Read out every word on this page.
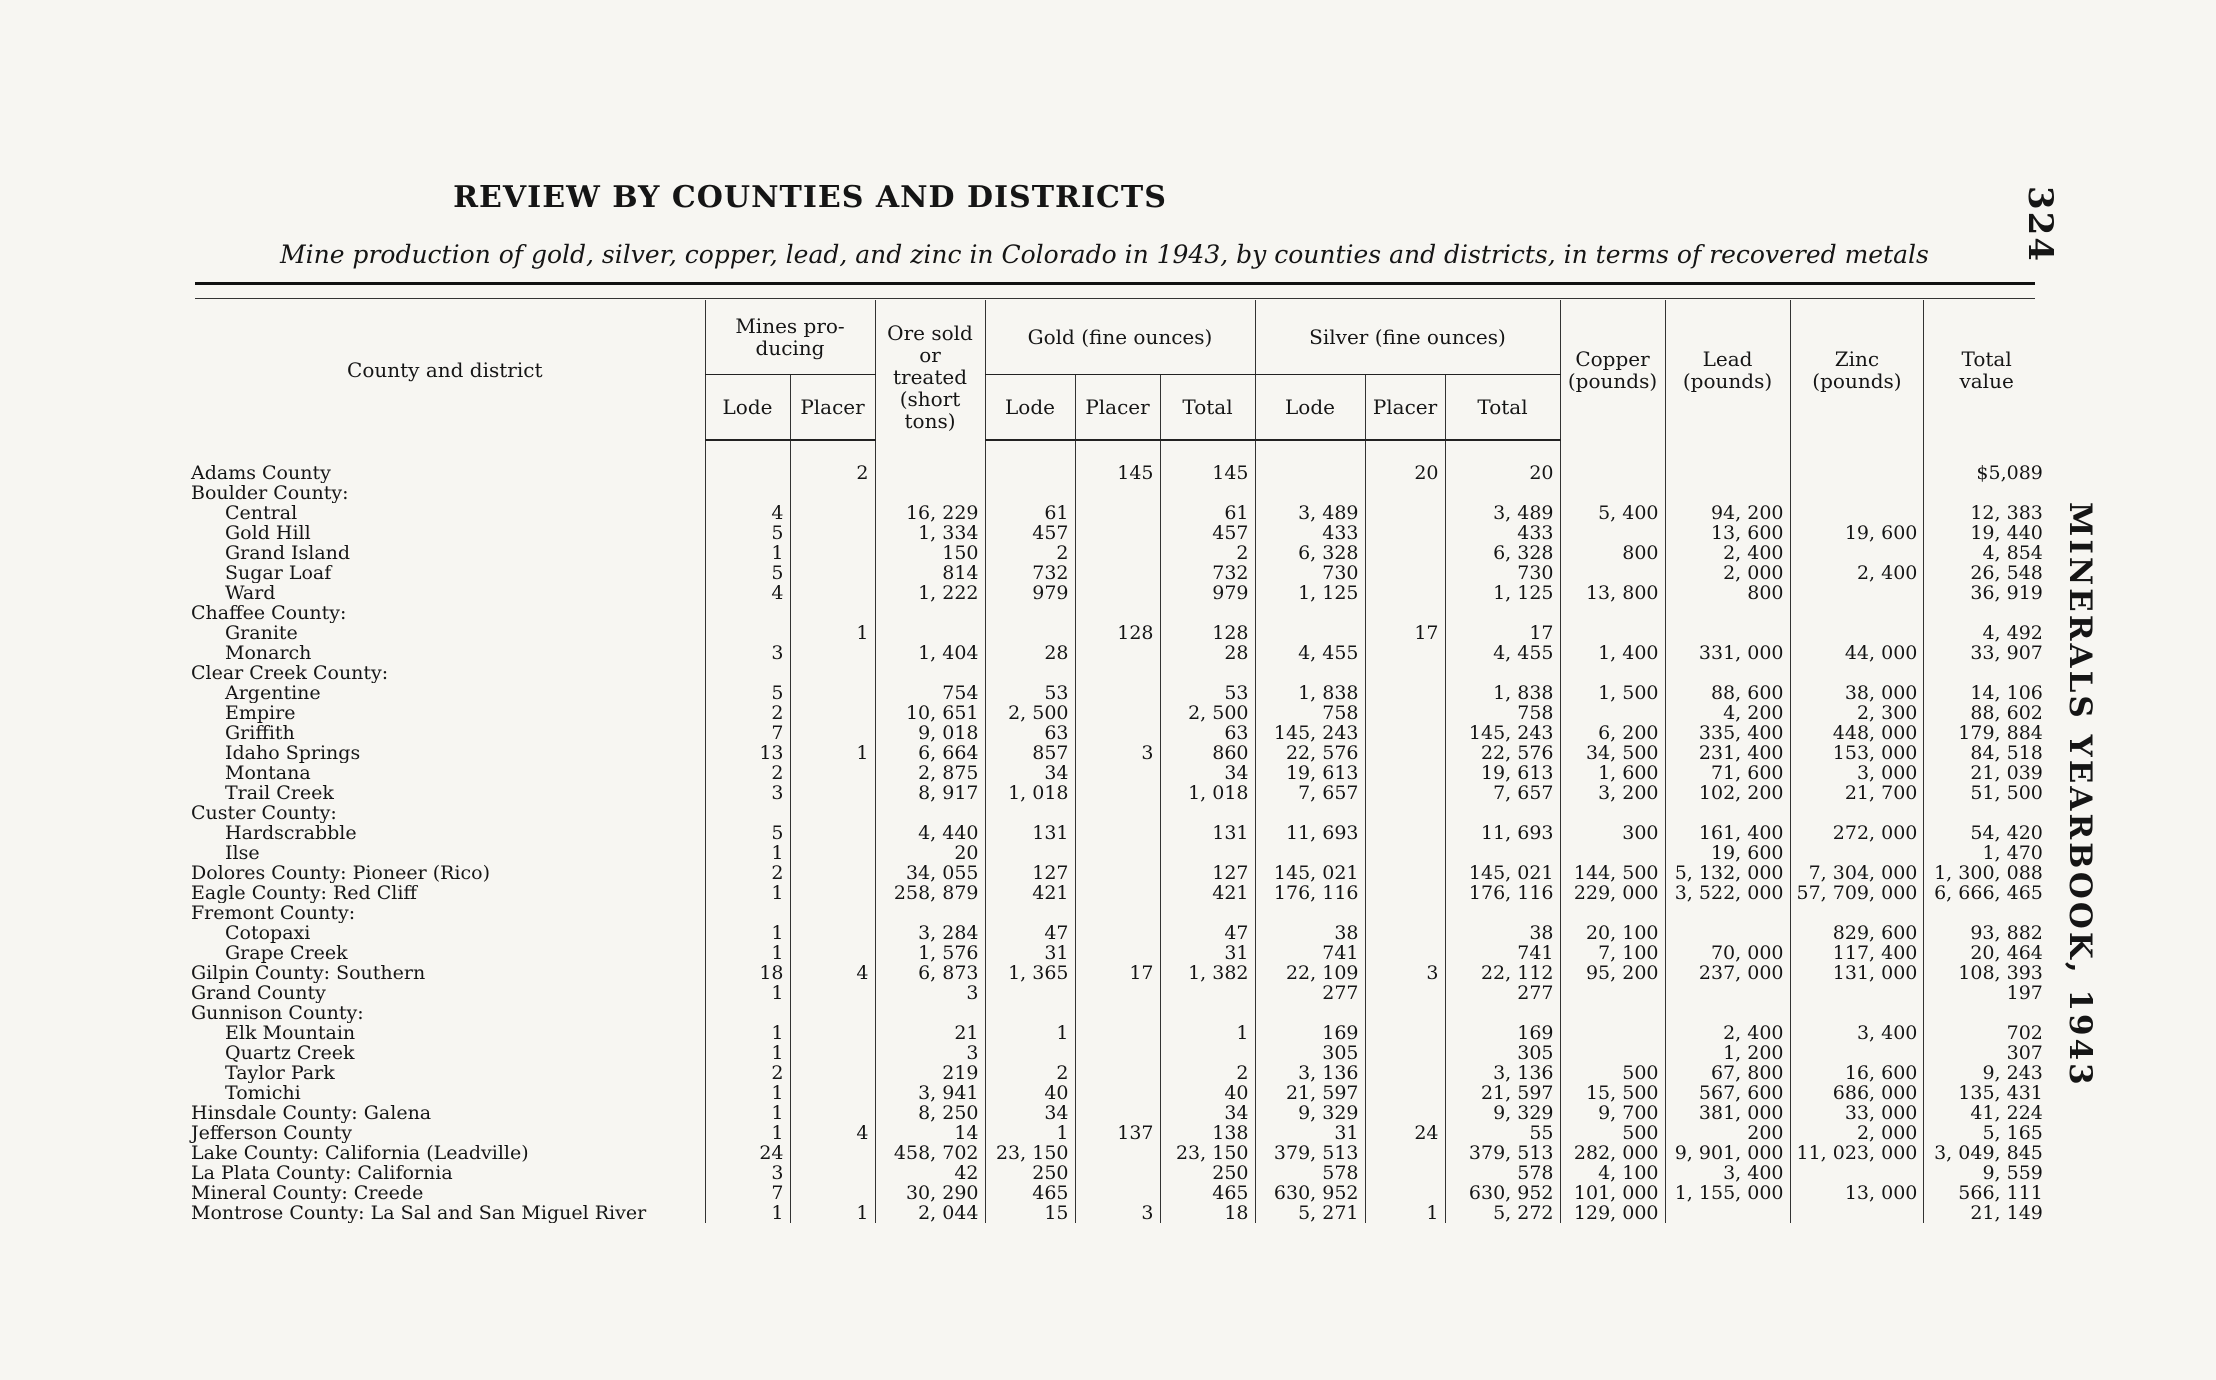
324
MINERALS YEARBOOK, 1943
REVIEW BY COUNTIES AND DISTRICTS
Mine production of gold, silver, copper, lead, and zinc in Colorado in 1943, by counties and districts, in terms of recovered metals
County and district	Mines pro-
ducing		Ore sold
or treated
(short
tons)	Gold (fine ounces)			Silver (fine ounces)			Copper
(pounds)	Lead
(pounds)	Zinc
(pounds)	Total
value
	Lode	Placer		Lode	Placer	Total	Lode	Placer	Total				
Adams County		2			145	145		20	20				$5,089
Boulder County:													
Central	4		16, 229	61		61	3, 489		3, 489	5, 400	94, 200		12, 383
Gold Hill	5		1, 334	457		457	433		433		13, 600	19, 600	19, 440
Grand Island	1		150	2		2	6, 328		6, 328	800	2, 400		4, 854
Sugar Loaf	5		814	732		732	730		730		2, 000	2, 400	26, 548
Ward	4		1, 222	979		979	1, 125		1, 125	13, 800	800		36, 919
Chaffee County:													
Granite		1			128	128		17	17				4, 492
Monarch	3		1, 404	28		28	4, 455		4, 455	1, 400	331, 000	44, 000	33, 907
Clear Creek County:													
Argentine	5		754	53		53	1, 838		1, 838	1, 500	88, 600	38, 000	14, 106
Empire	2		10, 651	2, 500		2, 500	758		758		4, 200	2, 300	88, 602
Griffith	7		9, 018	63		63	145, 243		145, 243	6, 200	335, 400	448, 000	179, 884
Idaho Springs	13	1	6, 664	857	3	860	22, 576		22, 576	34, 500	231, 400	153, 000	84, 518
Montana	2		2, 875	34		34	19, 613		19, 613	1, 600	71, 600	3, 000	21, 039
Trail Creek	3		8, 917	1, 018		1, 018	7, 657		7, 657	3, 200	102, 200	21, 700	51, 500
Custer County:													
Hardscrabble	5		4, 440	131		131	11, 693		11, 693	300	161, 400	272, 000	54, 420
Ilse	1		20								19, 600		1, 470
Dolores County: Pioneer (Rico)	2		34, 055	127		127	145, 021		145, 021	144, 500	5, 132, 000	7, 304, 000	1, 300, 088
Eagle County: Red Cliff	1		258, 879	421		421	176, 116		176, 116	229, 000	3, 522, 000	57, 709, 000	6, 666, 465
Fremont County:													
Cotopaxi	1		3, 284	47		47	38		38	20, 100		829, 600	93, 882
Grape Creek	1		1, 576	31		31	741		741	7, 100	70, 000	117, 400	20, 464
Gilpin County: Southern	18	4	6, 873	1, 365	17	1, 382	22, 109	3	22, 112	95, 200	237, 000	131, 000	108, 393
Grand County	1		3				277		277				197
Gunnison County:													
Elk Mountain	1		21	1		1	169		169		2, 400	3, 400	702
Quartz Creek	1		3				305		305		1, 200		307
Taylor Park	2		219	2		2	3, 136		3, 136	500	67, 800	16, 600	9, 243
Tomichi	1		3, 941	40		40	21, 597		21, 597	15, 500	567, 600	686, 000	135, 431
Hinsdale County: Galena	1		8, 250	34		34	9, 329		9, 329	9, 700	381, 000	33, 000	41, 224
Jefferson County	1	4	14	1	137	138	31	24	55	500	200	2, 000	5, 165
Lake County: California (Leadville)	24		458, 702	23, 150		23, 150	379, 513		379, 513	282, 000	9, 901, 000	11, 023, 000	3, 049, 845
La Plata County: California	3		42	250		250	578		578	4, 100	3, 400		9, 559
Mineral County: Creede	7		30, 290	465		465	630, 952		630, 952	101, 000	1, 155, 000	13, 000	566, 111
Montrose County: La Sal and San Miguel River	1	1	2, 044	15	3	18	5, 271	1	5, 272	129, 000			21, 149
